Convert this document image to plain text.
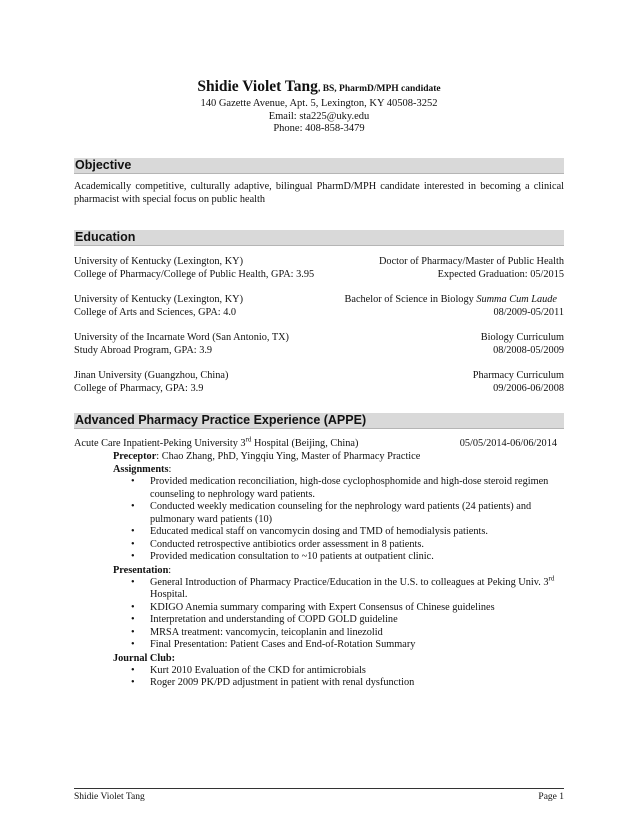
Shidie Violet Tang, BS, PharmD/MPH candidate
140 Gazette Avenue, Apt. 5, Lexington, KY 40508-3252
Email: sta225@uky.edu
Phone: 408-858-3479
Objective
Academically competitive, culturally adaptive, bilingual PharmD/MPH candidate interested in becoming a clinical pharmacist with special focus on public health
Education
University of Kentucky (Lexington, KY)	Doctor of Pharmacy/Master of Public Health
College of Pharmacy/College of Public Health, GPA: 3.95	Expected Graduation: 05/2015
University of Kentucky (Lexington, KY)	Bachelor of Science in Biology Summa Cum Laude
College of Arts and Sciences, GPA: 4.0	08/2009-05/2011
University of the Incarnate Word (San Antonio, TX)	Biology Curriculum
Study Abroad Program, GPA: 3.9	08/2008-05/2009
Jinan University (Guangzhou, China)	Pharmacy Curriculum
College of Pharmacy, GPA: 3.9	09/2006-06/2008
Advanced Pharmacy Practice Experience (APPE)
Acute Care Inpatient-Peking University 3rd Hospital (Beijing, China)	05/05/2014-06/06/2014
Preceptor: Chao Zhang, PhD, Yingqiu Ying, Master of Pharmacy Practice
Assignments:
• Provided medication reconciliation, high-dose cyclophosphomide and high-dose steroid regimen counseling to nephrology ward patients.
• Conducted weekly medication counseling for the nephrology ward patients (24 patients) and pulmonary ward patients (10)
• Educated medical staff on vancomycin dosing and TMD of hemodialysis patients.
• Conducted retrospective antibiotics order assessment in 8 patients.
• Provided medication consultation to ~10 patients at outpatient clinic.
Presentation:
• General Introduction of Pharmacy Practice/Education in the U.S. to colleagues at Peking Univ. 3rd Hospital.
• KDIGO Anemia summary comparing with Expert Consensus of Chinese guidelines
• Interpretation and understanding of COPD GOLD guideline
• MRSA treatment: vancomycin, teicoplanin and linezolid
• Final Presentation: Patient Cases and End-of-Rotation Summary
Journal Club:
• Kurt 2010 Evaluation of the CKD for antimicrobials
• Roger 2009 PK/PD adjustment in patient with renal dysfunction
Shidie Violet Tang	Page 1
